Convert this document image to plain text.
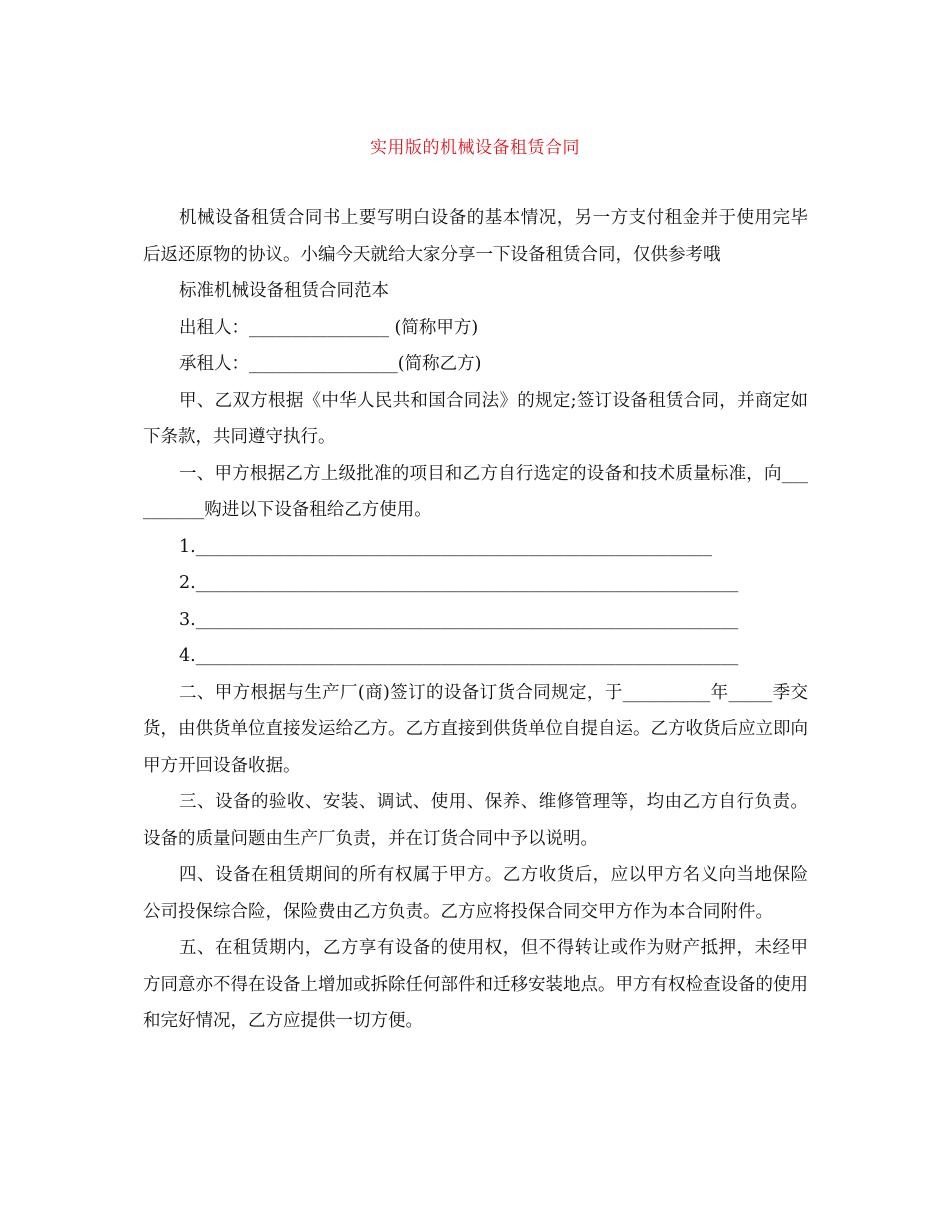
实用版的机械设备租赁合同

机械设备租赁合同书上要写明白设备的基本情况，另一方支付租金并于使用完毕后返还原物的协议。小编今天就给大家分享一下设备租赁合同，仅供参考哦

标准机械设备租赁合同范本

出租人：________________ (简称甲方)

承租人：_________________(简称乙方)

甲、乙双方根据《中华人民共和国合同法》的规定;签订设备租赁合同，并商定如下条款，共同遵守执行。

一、甲方根据乙方上级批准的项目和乙方自行选定的设备和技术质量标准，向__________购进以下设备租给乙方使用。

1.___________________________________________________________

2.______________________________________________________________

3.______________________________________________________________

4.______________________________________________________________

二、甲方根据与生产厂(商)签订的设备订货合同规定，于__________年_____季交货，由供货单位直接发运给乙方。乙方直接到供货单位自提自运。乙方收货后应立即向甲方开回设备收据。

三、设备的验收、安装、调试、使用、保养、维修管理等，均由乙方自行负责。设备的质量问题由生产厂负责，并在订货合同中予以说明。

四、设备在租赁期间的所有权属于甲方。乙方收货后，应以甲方名义向当地保险公司投保综合险，保险费由乙方负责。乙方应将投保合同交甲方作为本合同附件。

五、在租赁期内，乙方享有设备的使用权，但不得转让或作为财产抵押，未经甲方同意亦不得在设备上增加或拆除任何部件和迁移安装地点。甲方有权检查设备的使用和完好情况，乙方应提供一切方便。
